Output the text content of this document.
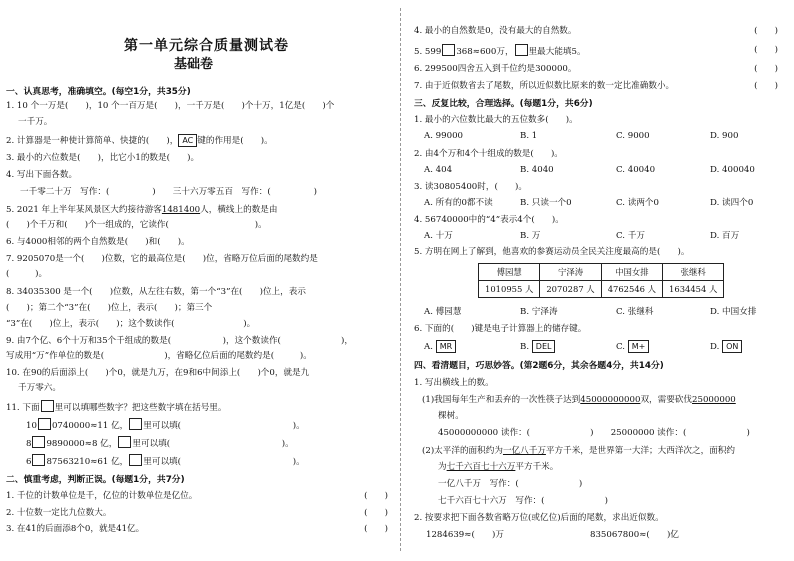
第一单元综合质量测试卷
基础卷
一、认真思考，准确填空。(每空1分，共35分)
1. 10 个一万是(　　)，10 个一百万是(　　)，一千万是(　　)个十万，1亿是(　　)个
一千万。
2. 计算器是一种使计算简单、快捷的(　　)， AC 键的作用是(　　)。
3. 最小的六位数是(　　)，比它小1的数是(　　)。
4. 写出下面各数。
一千零二十万　写作：(　　　　　)　　三十六万零五百　写作：(　　　　　)
5. 2021 年上半年某风景区大约接待游客1481400人，横线上的数是由
(　　)个千万和(　　)个一组成的，它读作(　　　　　　　　　　)。
6. 与4000相邻的两个自然数是(　　)和(　　)。
7. 9205070是一个(　　)位数，它的最高位是(　　)位，省略万位后面的尾数约是
(　　　)。
8. 34035300 是一个(　　)位数，从左往右数，第一个“3”在(　　)位上，表示
(　　)；第二个“3”在(　　)位上，表示(　　)；第三个
“3”在(　　)位上，表示(　　)；这个数读作(　　　　　　　　)。
9. 由7个亿、6个十万和35个千组成的数是(　　　　　　)，这个数读作(　　　　　　　)，
写成用“万”作单位的数是(　　　　　　　)，省略亿位后面的尾数约是(　　　)。
10. 在90的后面添上(　　)个0，就是九万，在9和6中间添上(　　)个0，就是九
千万零六。
11. 下面 里可以填哪些数字？把这些数字填在括号里。
10 0740000≈11 亿， 里可以填(　　　　　　　　　　　　　)。
8 9890000≈8 亿， 里可以填(　　　　　　　　　　　　　)。
6 87563210≈61 亿， 里可以填(　　　　　　　　　　　　　)。
二、慎重考虑，判断正误。(每题1分，共7分)
1. 千位的计数单位是千，亿位的计数单位是亿位。	(　　)
2. 十位数一定比九位数大。	(　　)
3. 在41的后面添8个0，就是41亿。	(　　)
4. 最小的自然数是0，没有最大的自然数。	(　　)
5. 599 368≈600万， 里最大能填5。	(　　)
6. 299500四舍五入到千位约是300000。	(　　)
7. 由于近似数省去了尾数，所以近似数比原来的数一定比准确数小。	(　　)
三、反复比较，合理选择。(每题1分，共6分)
1. 最小的六位数比最大的五位数多(　　)。
A. 99000	B. 1	C. 9000	D. 900
2. 由4个万和4个十组成的数是(　　)。
A. 404	B. 4040	C. 40040	D. 400040
3. 读30805400时，(　　)。
A. 所有的0都不读	B. 只读一个0	C. 读两个0	D. 读四个0
4. 56740000中的“4”表示4个(　　)。
A. 十万	B. 万	C. 千万	D. 百万
5. 方明在网上了解到，他喜欢的参赛运动员全民关注度最高的是(　　)。
傅园慧	宁泽涛	中国女排	张继科
1010955 人	2070287 人	4762546 人	1634454 人
A. 傅园慧	B. 宁泽涛	C. 张继科	D. 中国女排
6. 下面的(　　)键是电子计算器上的储存键。
A. MR	B. DEL	C. M+	D. ON
四、看清题目，巧思妙答。(第2题6分，其余各题4分，共14分)
1. 写出横线上的数。
(1)我国每年生产和丢弃的一次性筷子达到45000000000双，需要砍伐25000000
棵树。
45000000000 读作：(　　　　　　　)　　25000000 读作：(　　　　　　　)
(2)太平洋的面积约为一亿八千万平方千米，是世界第一大洋；大西洋次之，面积约
为七千六百七十六万平方千米。
一亿八千万　写作：(　　　　　　　)
七千六百七十六万　写作：(　　　　　　　)
2. 按要求把下面各数省略万位(或亿位)后面的尾数，求出近似数。
1284639≈(　　)万	835067800≈(　　)亿
